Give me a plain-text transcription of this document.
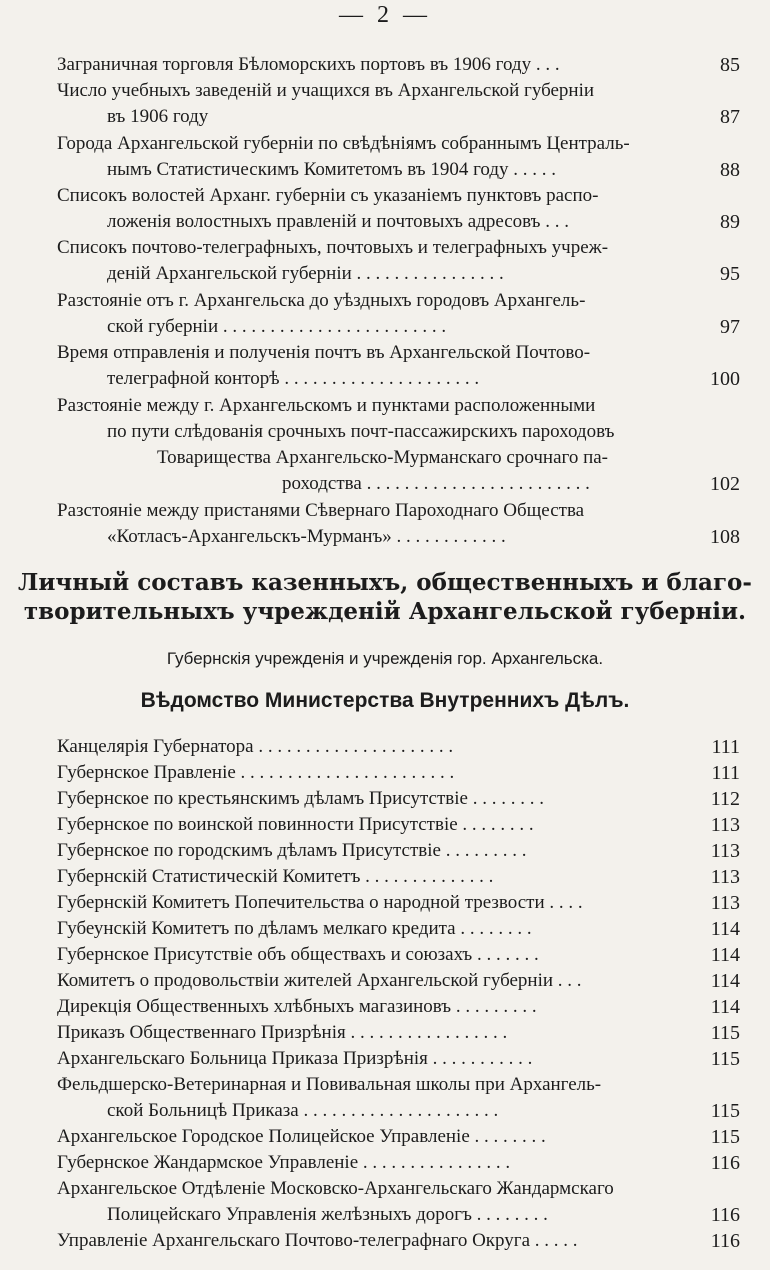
— 2 —
Заграничная торговля Бѣломорскихъ портовъ въ 1906 году . . .	85
Число учебныхъ заведеній и учащихся въ Архангельской губерніи
въ 1906 году	87
Города Архангельской губерніи по свѣдѣніямъ собраннымъ Централь-
нымъ Статистическимъ Комитетомъ въ 1904 году . . . . .	88
Списокъ волостей Арханг. губерніи съ указаніемъ пунктовъ распо-
ложенія волостныхъ правленій и почтовыхъ адресовъ . . .	89
Списокъ почтово-телеграфныхъ, почтовыхъ и телеграфныхъ учреж-
деній Архангельской губерніи . . . . . . . . . . . . . . . .	95
Разстояніе отъ г. Архангельска до уѣздныхъ городовъ Архангель-
ской губерніи . . . . . . . . . . . . . . . . . . . . . . . .	97
Время отправленія и полученія почтъ въ Архангельской Почтово-
телеграфной конторѣ . . . . . . . . . . . . . . . . . . . . .	100
Разстояніе между г. Архангельскомъ и пунктами расположенными
по пути слѣдованія срочныхъ почт-пассажирскихъ пароходовъ
Товарищества Архангельско-Мурманскаго срочнаго па-
роходства . . . . . . . . . . . . . . . . . . . . . . . .	102
Разстояніе между пристанями Сѣвернаго Пароходнаго Общества
«Котласъ-Архангельскъ-Мурманъ» . . . . . . . . . . . .	108
Личный составъ казенныхъ, общественныхъ и благо-
творительныхъ учрежденій Архангельской губерніи.
Губернскія учрежденія и учрежденія гор. Архангельска.
Вѣдомство Министерства Внутреннихъ Дѣлъ.
Канцелярія Губернатора . . . . . . . . . . . . . . . . . . . . .	111
Губернское Правленіе . . . . . . . . . . . . . . . . . . . . . . .	111
Губернское по крестьянскимъ дѣламъ Присутствіе . . . . . . . .	112
Губернское по воинской повинности Присутствіе . . . . . . . .	113
Губернское по городскимъ дѣламъ Присутствіе . . . . . . . . .	113
Губернскій Статистическій Комитетъ . . . . . . . . . . . . . .	113
Губернскій Комитетъ Попечительства о народной трезвости . . . .	113
Губеунскій Комитетъ по дѣламъ мелкаго кредита . . . . . . . .	114
Губернское Присутствіе объ обществахъ и союзахъ . . . . . . .	114
Комитетъ о продовольствіи жителей Архангельской губерніи . . .	114
Дирекція Общественныхъ хлѣбныхъ магазиновъ . . . . . . . . .	114
Приказъ Общественнаго Призрѣнія . . . . . . . . . . . . . . . . .	115
Архангельскаго Больница Приказа Призрѣнія . . . . . . . . . . .	115
Фельдшерско-Ветеринарная и Повивальная школы при Архангель-
ской Больницѣ Приказа . . . . . . . . . . . . . . . . . . . . .	115
Архангельское Городское Полицейское Управленіе . . . . . . . .	115
Губернское Жандармское Управленіе . . . . . . . . . . . . . . . .	116
Архангельское Отдѣленіе Московско-Архангельскаго Жандармскаго
Полицейскаго Управленія желѣзныхъ дорогъ . . . . . . . .	116
Управленіе Архангельскаго Почтово-телеграфнаго Округа . . . . .	116
